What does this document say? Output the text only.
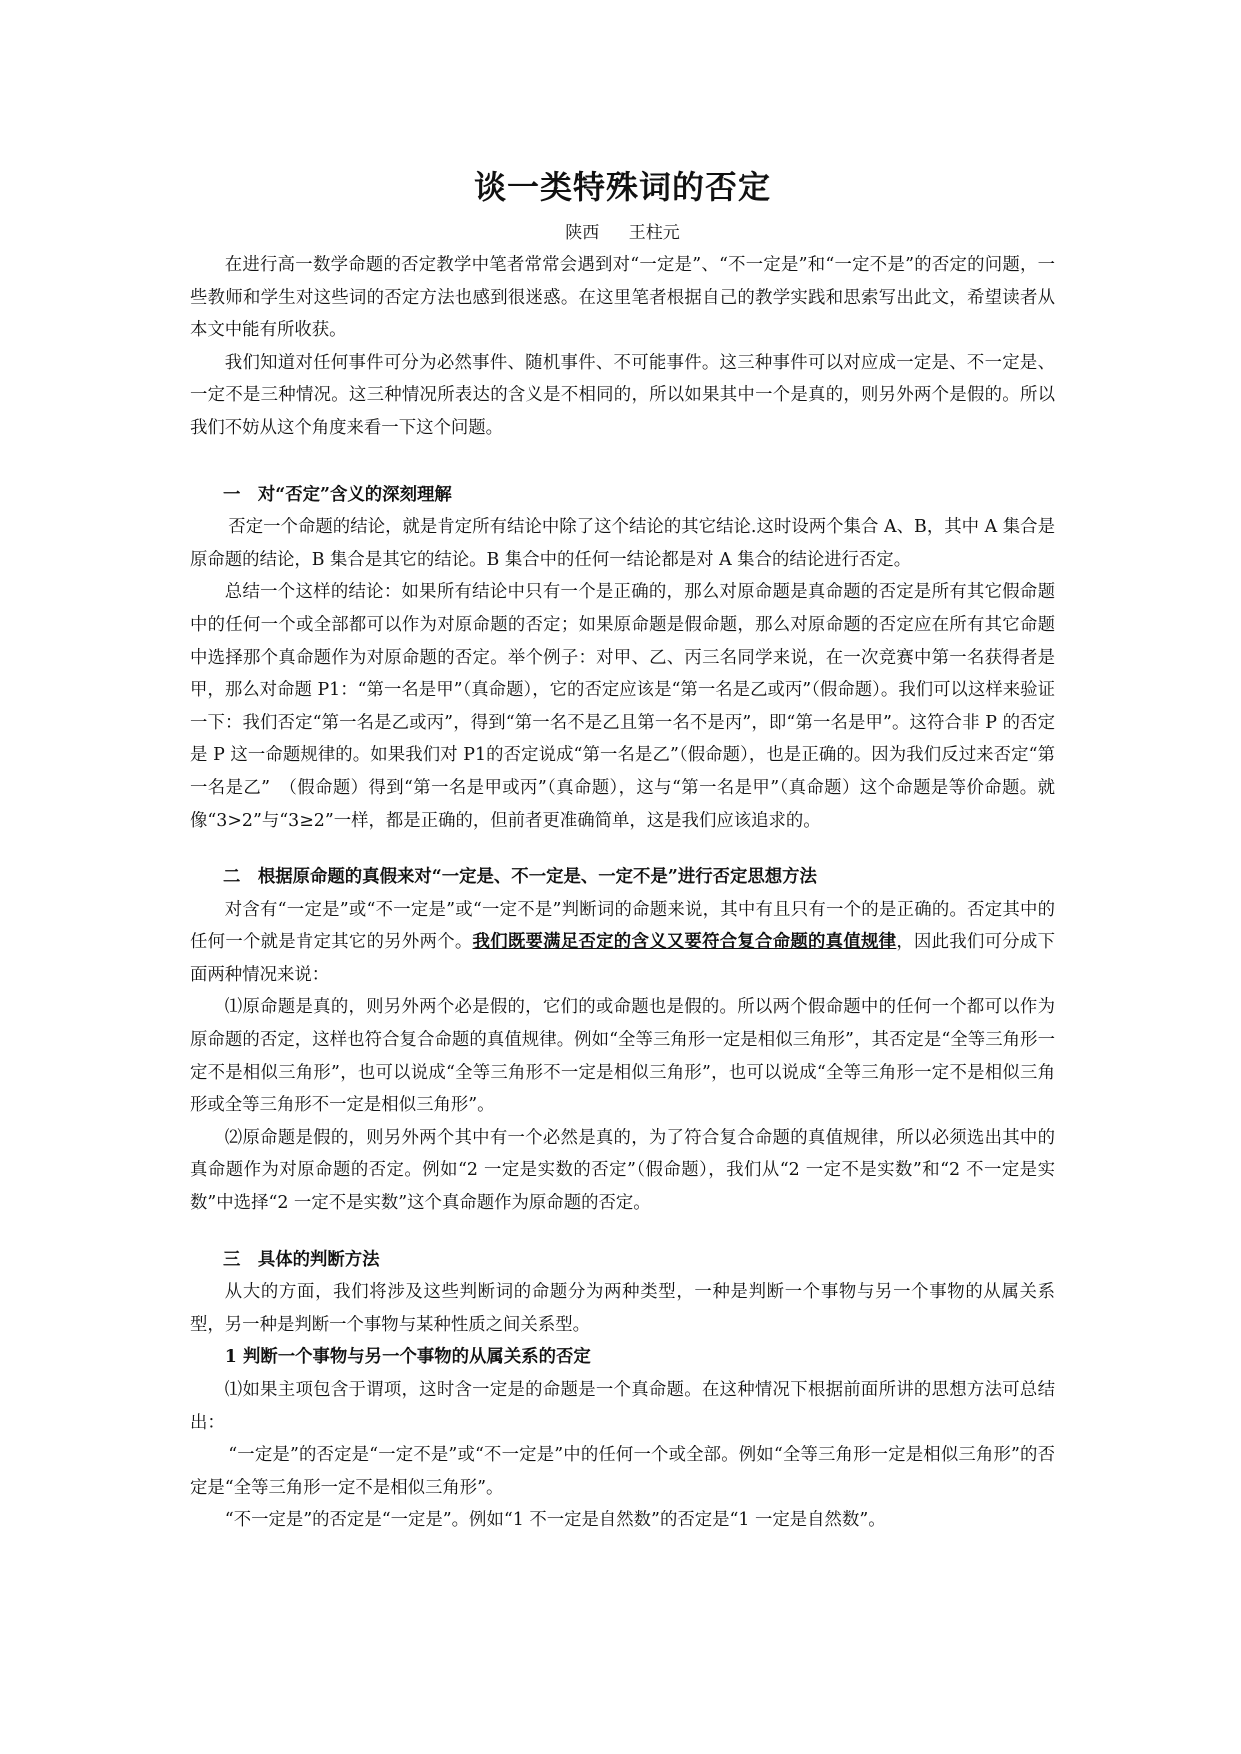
谈一类特殊词的否定
陕西 王柱元

在进行高一数学命题的否定教学中笔者常常会遇到对“一定是”、“不一定是”和“一定不是”的否定的问题，一些教师和学生对这些词的否定方法也感到很迷惑。在这里笔者根据自己的教学实践和思索写出此文，希望读者从本文中能有所收获。

我们知道对任何事件可分为必然事件、随机事件、不可能事件。这三种事件可以对应成一定是、不一定是、一定不是三种情况。这三种情况所表达的含义是不相同的，所以如果其中一个是真的，则另外两个是假的。所以我们不妨从这个角度来看一下这个问题。

一　对“否定”含义的深刻理解

否定一个命题的结论，就是肯定所有结论中除了这个结论的其它结论.这时设两个集合 A、B，其中 A 集合是原命题的结论，B 集合是其它的结论。B 集合中的任何一结论都是对 A 集合的结论进行否定。

总结一个这样的结论：如果所有结论中只有一个是正确的，那么对原命题是真命题的否定是所有其它假命题中的任何一个或全部都可以作为对原命题的否定；如果原命题是假命题，那么对原命题的否定应在所有其它命题中选择那个真命题作为对原命题的否定。举个例子：对甲、乙、丙三名同学来说，在一次竞赛中第一名获得者是甲，那么对命题 P1：“第一名是甲”（真命题），它的否定应该是“第一名是乙或丙”（假命题）。我们可以这样来验证一下：我们否定“第一名是乙或丙”，得到“第一名不是乙且第一名不是丙”，即“第一名是甲”。这符合非 P 的否定是 P 这一命题规律的。如果我们对 P1的否定说成“第一名是乙”（假命题），也是正确的。因为我们反过来否定“第一名是乙”　（假命题）得到“第一名是甲或丙”（真命题），这与“第一名是甲”（真命题）这个命题是等价命题。就像“3>2”与“3≥2”一样，都是正确的，但前者更准确简单，这是我们应该追求的。

二　根据原命题的真假来对“一定是、不一定是、一定不是”进行否定思想方法

对含有“一定是”或“不一定是”或“一定不是”判断词的命题来说，其中有且只有一个的是正确的。否定其中的任何一个就是肯定其它的另外两个。我们既要满足否定的含义又要符合复合命题的真值规律，因此我们可分成下面两种情况来说：

⑴原命题是真的，则另外两个必是假的，它们的或命题也是假的。所以两个假命题中的任何一个都可以作为原命题的否定，这样也符合复合命题的真值规律。例如“全等三角形一定是相似三角形”，其否定是“全等三角形一定不是相似三角形”，也可以说成“全等三角形不一定是相似三角形”，也可以说成“全等三角形一定不是相似三角形或全等三角形不一定是相似三角形”。

⑵原命题是假的，则另外两个其中有一个必然是真的，为了符合复合命题的真值规律，所以必须选出其中的真命题作为对原命题的否定。例如“2 一定是实数的否定”（假命题），我们从“2 一定不是实数”和“2 不一定是实数”中选择“2 一定不是实数”这个真命题作为原命题的否定。

三　具体的判断方法

从大的方面，我们将涉及这些判断词的命题分为两种类型，一种是判断一个事物与另一个事物的从属关系型，另一种是判断一个事物与某种性质之间关系型。

1 判断一个事物与另一个事物的从属关系的否定

⑴如果主项包含于谓项，这时含一定是的命题是一个真命题。在这种情况下根据前面所讲的思想方法可总结出：

“一定是”的否定是“一定不是”或“不一定是”中的任何一个或全部。例如“全等三角形一定是相似三角形”的否定是“全等三角形一定不是相似三角形”。

“不一定是”的否定是“一定是”。例如“1 不一定是自然数”的否定是“1 一定是自然数”。
